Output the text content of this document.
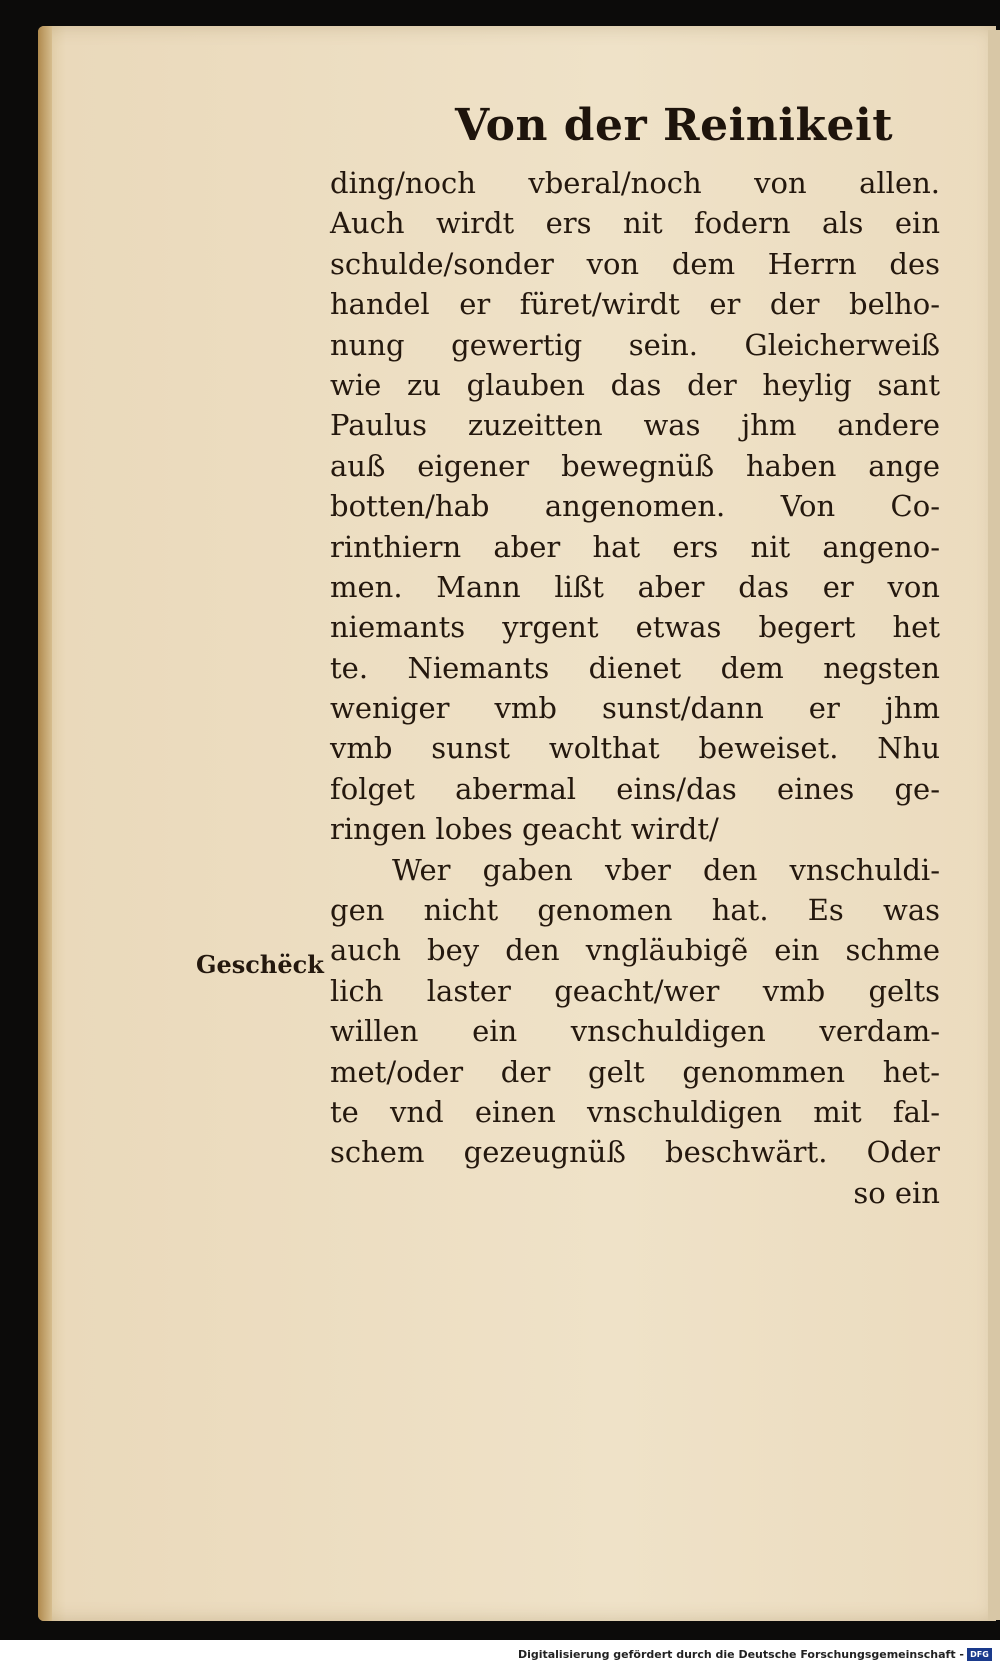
Von der Reinikeit
Geschëck
ding/noch vberal/noch von allen.
Auch wirdt ers nit fodern als ein
schulde/sonder von dem Herrn des
handel er füret/wirdt er der belho-
nung gewertig sein. Gleicherweiß
wie zu glauben das der heylig sant
Paulus zuzeitten was jhm andere
auß eigener bewegnüß haben ange
botten/hab angenomen. Von Co-
rinthiern aber hat ers nit angeno-
men. Mann lißt aber das er von
niemants yrgent etwas begert het
te. Niemants dienet dem negsten
weniger vmb sunst/dann er jhm
vmb sunst wolthat beweiset. Nhu
folget abermal eins/das eines ge-
ringen lobes geacht wirdt/
Wer gaben vber den vnschuldi-
gen nicht genomen hat. Es was
auch bey den vngläubigẽ ein schme
lich laster geacht/wer vmb gelts
willen ein vnschuldigen verdam-
met/oder der gelt genommen het-
te vnd einen vnschuldigen mit fal-
schem gezeugnüß beschwärt. Oder
so ein
Digitalisierung gefördert durch die Deutsche Forschungsgemeinschaft - DFG
